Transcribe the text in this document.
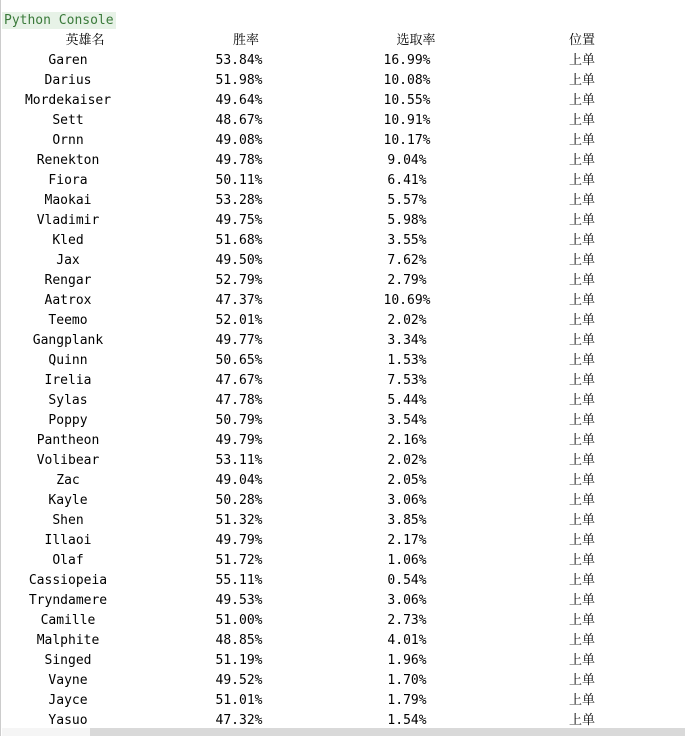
Python Console
英雄名	胜率	选取率	位置
Garen	53.84%	16.99%	上单
Darius	51.98%	10.08%	上单
Mordekaiser	49.64%	10.55%	上单
Sett	48.67%	10.91%	上单
Ornn	49.08%	10.17%	上单
Renekton	49.78%	9.04%	上单
Fiora	50.11%	6.41%	上单
Maokai	53.28%	5.57%	上单
Vladimir	49.75%	5.98%	上单
Kled	51.68%	3.55%	上单
Jax	49.50%	7.62%	上单
Rengar	52.79%	2.79%	上单
Aatrox	47.37%	10.69%	上单
Teemo	52.01%	2.02%	上单
Gangplank	49.77%	3.34%	上单
Quinn	50.65%	1.53%	上单
Irelia	47.67%	7.53%	上单
Sylas	47.78%	5.44%	上单
Poppy	50.79%	3.54%	上单
Pantheon	49.79%	2.16%	上单
Volibear	53.11%	2.02%	上单
Zac	49.04%	2.05%	上单
Kayle	50.28%	3.06%	上单
Shen	51.32%	3.85%	上单
Illaoi	49.79%	2.17%	上单
Olaf	51.72%	1.06%	上单
Cassiopeia	55.11%	0.54%	上单
Tryndamere	49.53%	3.06%	上单
Camille	51.00%	2.73%	上单
Malphite	48.85%	4.01%	上单
Singed	51.19%	1.96%	上单
Vayne	49.52%	1.70%	上单
Jayce	51.01%	1.79%	上单
Yasuo	47.32%	1.54%	上单
